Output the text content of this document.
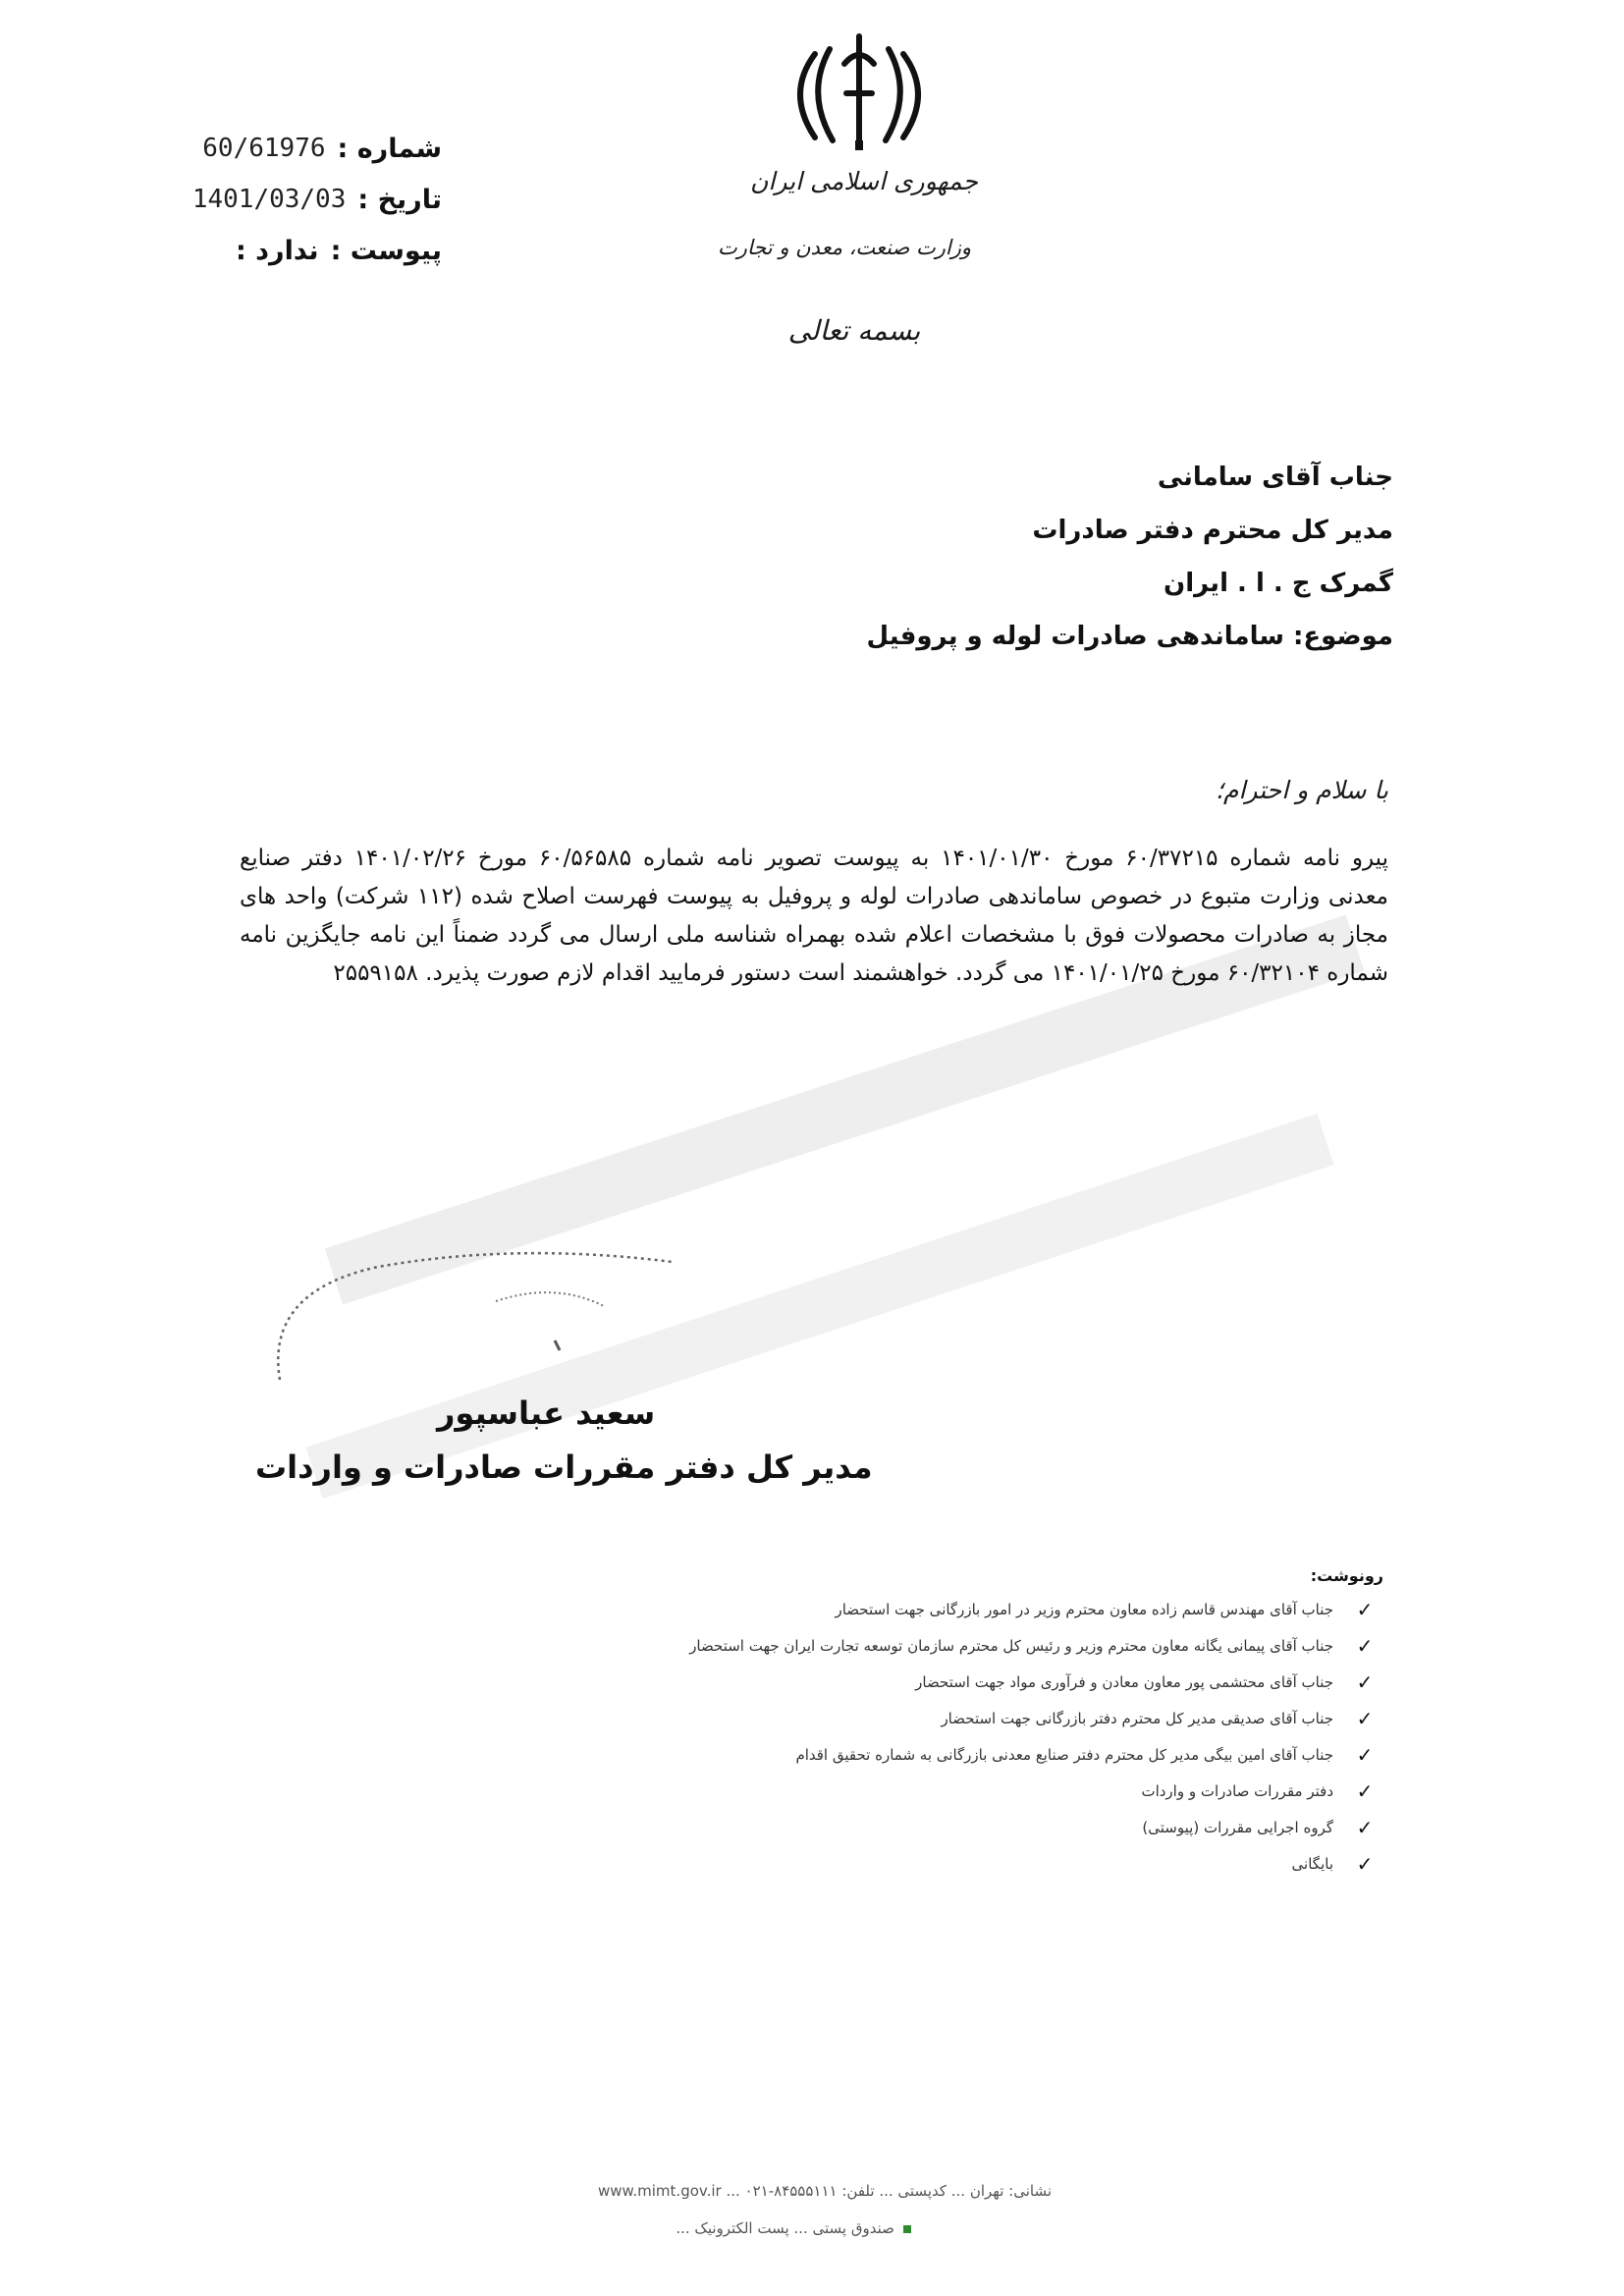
60/61976	شماره :
1401/03/03	تاریخ :
ندارد :	پیوست :
جمهوری اسلامی ایران
وزارت صنعت، معدن و تجارت
بسمه تعالی
جناب آقای سامانی
مدیر کل محترم دفتر صادرات
گمرک ج . ا . ایران
موضوع: ساماندهی صادرات لوله و پروفیل
با سلام و احترام؛
پیرو نامه شماره ۶۰/۳۷۲۱۵ مورخ ۱۴۰۱/۰۱/۳۰ به پیوست تصویر نامه شماره ۶۰/۵۶۵۸۵ مورخ ۱۴۰۱/۰۲/۲۶ دفتر صنایع معدنی وزارت متبوع در خصوص ساماندهی صادرات لوله و پروفیل به پیوست فهرست اصلاح شده (۱۱۲ شرکت) واحد های مجاز به صادرات محصولات فوق با مشخصات اعلام شده بهمراه شناسه ملی ارسال می گردد ضمناً این نامه جایگزین نامه شماره ۶۰/۳۲۱۰۴ مورخ ۱۴۰۱/۰۱/۲۵ می گردد. خواهشمند است دستور فرمایید اقدام لازم صورت پذیرد. ۲۵۵۹۱۵۸
سعید عباسپور
مدیر کل دفتر مقررات صادرات و واردات
رونوشت:
✓
جناب آقای مهندس قاسم زاده معاون محترم وزیر در امور بازرگانی جهت استحضار
✓
جناب آقای پیمانی یگانه معاون محترم وزیر و رئیس کل محترم سازمان توسعه تجارت ایران جهت استحضار
✓
جناب آقای محتشمی پور معاون معادن و فرآوری مواد جهت استحضار
✓
جناب آقای صدیقی مدیر کل محترم دفتر بازرگانی جهت استحضار
✓
جناب آقای امین بیگی مدیر کل محترم دفتر صنایع معدنی بازرگانی به شماره تحقیق اقدام
✓
دفتر مقررات صادرات و واردات
✓
گروه اجرایی مقررات (پیوستی)
✓
بایگانی
نشانی: تهران ... کدپستی ... تلفن: ۸۴۵۵۵۱۱۱-۰۲۱ ... www.mimt.gov.ir
صندوق پستی ... پست الکترونیک ...
